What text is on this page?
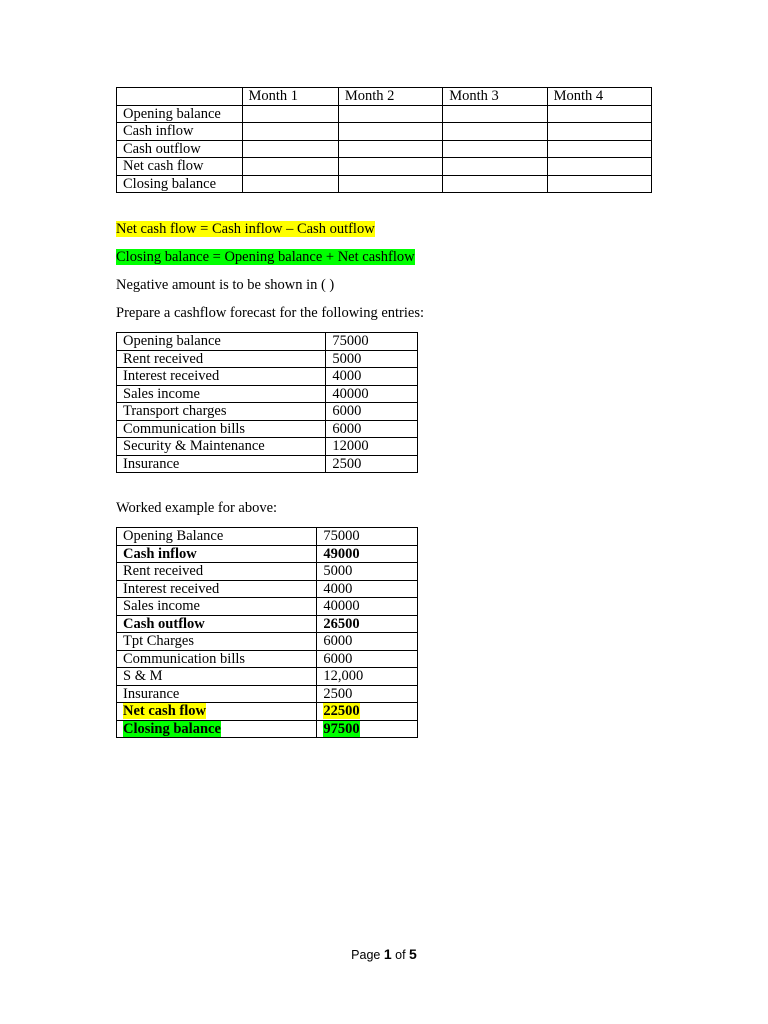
	Month 1	Month 2	Month 3	Month 4
Opening balance				
Cash inflow				
Cash outflow				
Net cash flow				
Closing balance				

Net cash flow = Cash inflow – Cash outflow

Closing balance = Opening balance + Net cashflow

Negative amount is to be shown in ( )

Prepare a cashflow forecast for the following entries:

Opening balance	75000
Rent received	5000
Interest received	4000
Sales income	40000
Transport charges	6000
Communication bills	6000
Security & Maintenance	12000
Insurance	2500

Worked example for above:

Opening Balance	75000
Cash inflow	49000
Rent received	5000
Interest received	4000
Sales income	40000
Cash outflow	26500
Tpt Charges	6000
Communication bills	6000
S & M	12,000
Insurance	2500
Net cash flow	22500
Closing balance	97500
Page 1 of 5
